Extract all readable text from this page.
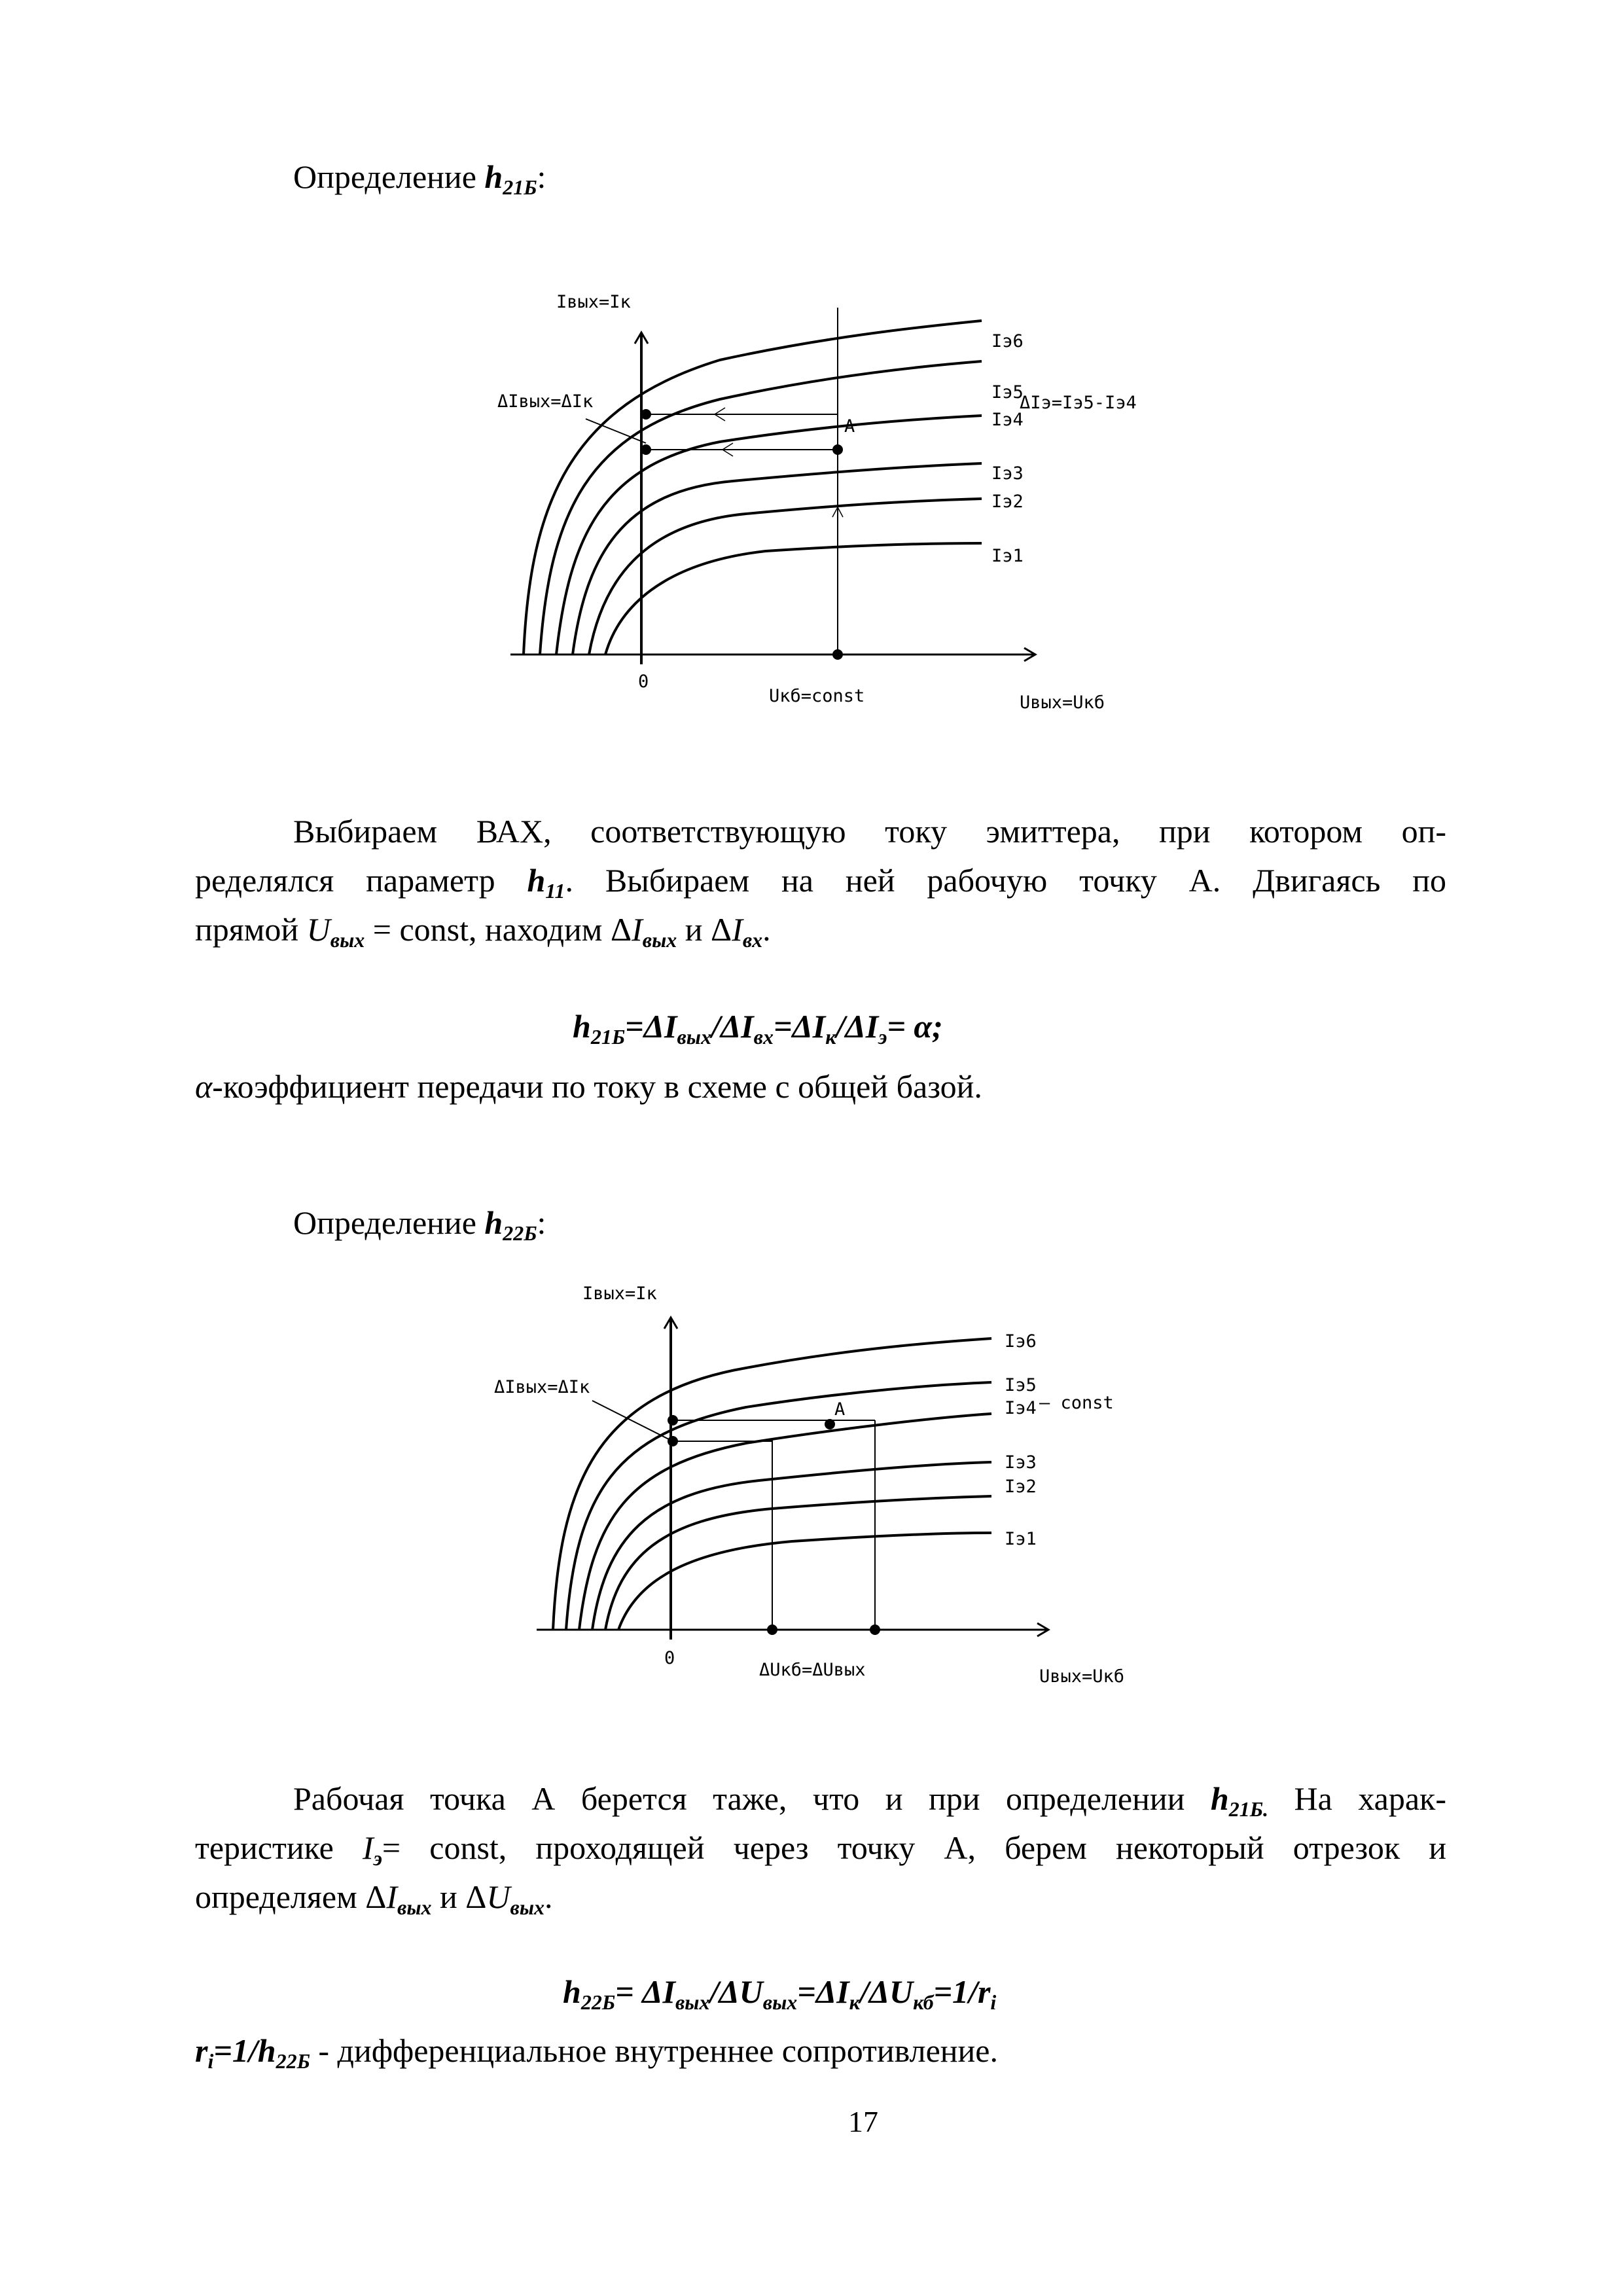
Определение $h_{21Б}$:
Iвых=Iк
ΔIвых=ΔIк
A
Iэ6
Iэ5
ΔIэ=Iэ5-Iэ4
Iэ4
Iэ3
Iэ2
Iэ1
0
Uкб=const	Uвых=Uкб
Выбираем ВАХ, соответствующую току эмиттера, при котором оп-
ределялся параметр $h_{11}$. Выбираем на ней рабочую точку А. Двигаясь по
прямой $U_{вых}$ = const, находим $\Delta I_{вых}$ и $\Delta I_{вх}$.
$h_{21Б}=\Delta I_{вых}/\Delta I_{вх}=\Delta I_к/\Delta I_э= \alpha$;
α-коэффициент передачи по току в схеме с общей базой.
Определение $h_{22Б}$:
Iвых=Iк
ΔIвых=ΔIк
A
Iэ6
Iэ5
Iэ4 – const
Iэ3
Iэ2
Iэ1
0
ΔUкб=ΔUвых	Uвых=Uкб
Рабочая точка А берется таже, что и при определении $h_{21Б.}$ На харак-
теристике $I_э=$ const, проходящей через точку А, берем некоторый отрезок и
определяем $\Delta I_{вых}$ и $\Delta U_{вых}$.
$h_{22Б}= \Delta I_{вых}/\Delta U_{вых}=\Delta I_к/\Delta U_{кб}=1/r_i$
$r_i=1/h_{22Б}$ - дифференциальное внутреннее сопротивление.
17
